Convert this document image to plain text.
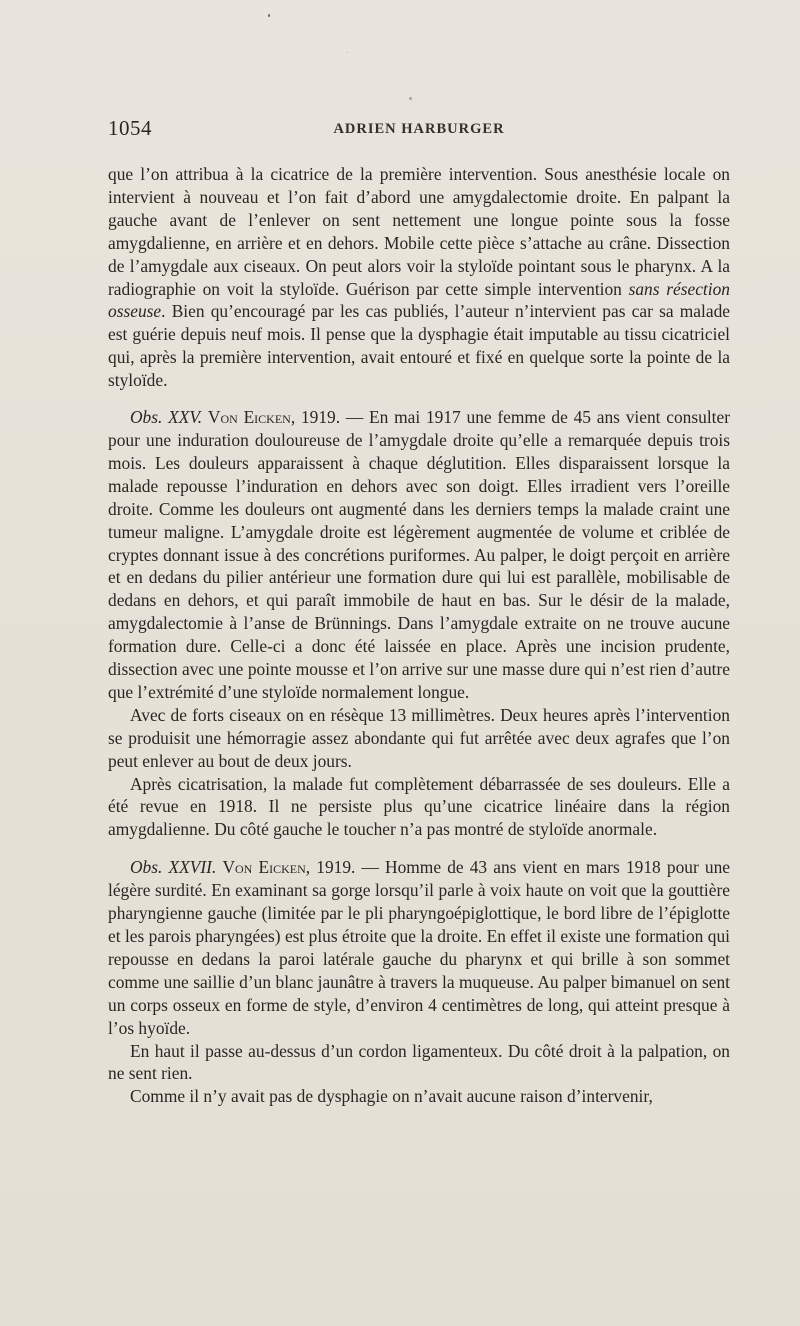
1054	ADRIEN HARBURGER

que l’on attribua à la cicatrice de la première intervention. Sous anesthésie locale on intervient à nouveau et l’on fait d’abord une amygdalectomie droite. En palpant la gauche avant de l’enlever on sent nettement une longue pointe sous la fosse amygdalienne, en arrière et en dehors. Mobile cette pièce s’attache au crâne. Dissection de l’amygdale aux ciseaux. On peut alors voir la styloïde pointant sous le pharynx. A la radiographie on voit la styloïde. Guérison par cette simple intervention sans résection osseuse. Bien qu’encouragé par les cas publiés, l’auteur n’intervient pas car sa malade est guérie depuis neuf mois. Il pense que la dysphagie était imputable au tissu cicatriciel qui, après la première intervention, avait entouré et fixé en quelque sorte la pointe de la styloïde.

Obs. XXV. Von Eicken, 1919. — En mai 1917 une femme de 45 ans vient consulter pour une induration douloureuse de l’amygdale droite qu’elle a remarquée depuis trois mois. Les douleurs apparaissent à chaque déglutition. Elles disparaissent lorsque la malade repousse l’induration en dehors avec son doigt. Elles irradient vers l’oreille droite. Comme les douleurs ont augmenté dans les derniers temps la malade craint une tumeur maligne. L’amygdale droite est légèrement augmentée de volume et criblée de cryptes donnant issue à des concrétions puriformes. Au palper, le doigt perçoit en arrière et en dedans du pilier antérieur une formation dure qui lui est parallèle, mobilisable de dedans en dehors, et qui paraît immobile de haut en bas. Sur le désir de la malade, amygdalectomie à l’anse de Brünnings. Dans l’amygdale extraite on ne trouve aucune formation dure. Celle-ci a donc été laissée en place. Après une incision prudente, dissection avec une pointe mousse et l’on arrive sur une masse dure qui n’est rien d’autre que l’extrémité d’une styloïde normalement longue.

Avec de forts ciseaux on en résèque 13 millimètres. Deux heures après l’intervention se produisit une hémorragie assez abondante qui fut arrêtée avec deux agrafes que l’on peut enlever au bout de deux jours.

Après cicatrisation, la malade fut complètement débarrassée de ses douleurs. Elle a été revue en 1918. Il ne persiste plus qu’une cicatrice linéaire dans la région amygdalienne. Du côté gauche le toucher n’a pas montré de styloïde anormale.

Obs. XXVII. Von Eicken, 1919. — Homme de 43 ans vient en mars 1918 pour une légère surdité. En examinant sa gorge lorsqu’il parle à voix haute on voit que la gouttière pharyngienne gauche (limitée par le pli pharyngoépiglottique, le bord libre de l’épiglotte et les parois pharyngées) est plus étroite que la droite. En effet il existe une formation qui repousse en dedans la paroi latérale gauche du pharynx et qui brille à son sommet comme une saillie d’un blanc jaunâtre à travers la muqueuse. Au palper bimanuel on sent un corps osseux en forme de style, d’environ 4 centimètres de long, qui atteint presque à l’os hyoïde.

En haut il passe au-dessus d’un cordon ligamenteux. Du côté droit à la palpation, on ne sent rien.

Comme il n’y avait pas de dysphagie on n’avait aucune raison d’intervenir,
